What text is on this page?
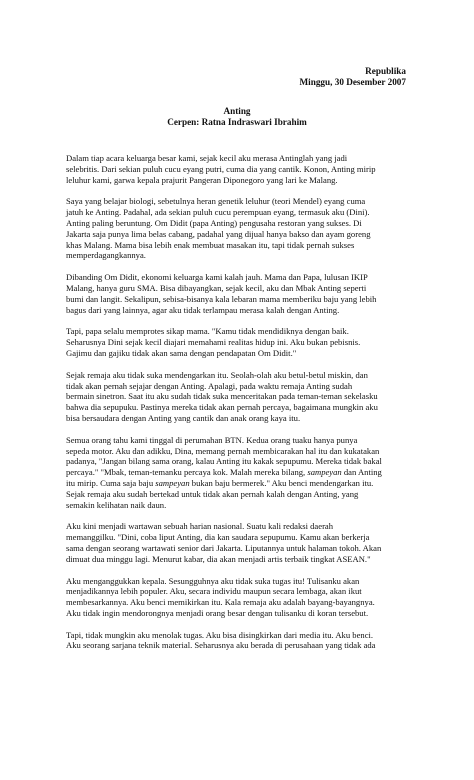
Republika
Minggu, 30 Desember 2007
Anting
Cerpen: Ratna Indraswari Ibrahim
Dalam tiap acara keluarga besar kami, sejak kecil aku merasa Antinglah yang jadi
selebritis. Dari sekian puluh cucu eyang putri, cuma dia yang cantik. Konon, Anting mirip
leluhur kami, garwa kepala prajurit Pangeran Diponegoro yang lari ke Malang.
Saya yang belajar biologi, sebetulnya heran genetik leluhur (teori Mendel) eyang cuma
jatuh ke Anting. Padahal, ada sekian puluh cucu perempuan eyang, termasuk aku (Dini).
Anting paling beruntung. Om Didit (papa Anting) pengusaha restoran yang sukses. Di
Jakarta saja punya lima belas cabang, padahal yang dijual hanya bakso dan ayam goreng
khas Malang. Mama bisa lebih enak membuat masakan itu, tapi tidak pernah sukses
memperdagangkannya.
Dibanding Om Didit, ekonomi keluarga kami kalah jauh. Mama dan Papa, lulusan IKIP
Malang, hanya guru SMA. Bisa dibayangkan, sejak kecil, aku dan Mbak Anting seperti
bumi dan langit. Sekalipun, sebisa-bisanya kala lebaran mama memberiku baju yang lebih
bagus dari yang lainnya, agar aku tidak terlampau merasa kalah dengan Anting.
Tapi, papa selalu memprotes sikap mama. "Kamu tidak mendidiknya dengan baik.
Seharusnya Dini sejak kecil diajari memahami realitas hidup ini. Aku bukan pebisnis.
Gajimu dan gajiku tidak akan sama dengan pendapatan Om Didit."
Sejak remaja aku tidak suka mendengarkan itu. Seolah-olah aku betul-betul miskin, dan
tidak akan pernah sejajar dengan Anting. Apalagi, pada waktu remaja Anting sudah
bermain sinetron. Saat itu aku sudah tidak suka menceritakan pada teman-teman sekelasku
bahwa dia sepupuku. Pastinya mereka tidak akan pernah percaya, bagaimana mungkin aku
bisa bersaudara dengan Anting yang cantik dan anak orang kaya itu.
Semua orang tahu kami tinggal di perumahan BTN. Kedua orang tuaku hanya punya
sepeda motor. Aku dan adikku, Dina, memang pernah membicarakan hal itu dan kukatakan
padanya, "Jangan bilang sama orang, kalau Anting itu kakak sepupumu. Mereka tidak bakal
percaya." "Mbak, teman-temanku percaya kok. Malah mereka bilang, sampeyan dan Anting
itu mirip. Cuma saja baju sampeyan bukan baju bermerek." Aku benci mendengarkan itu.
Sejak remaja aku sudah bertekad untuk tidak akan pernah kalah dengan Anting, yang
semakin kelihatan naik daun.
Aku kini menjadi wartawan sebuah harian nasional. Suatu kali redaksi daerah
memanggilku. "Dini, coba liput Anting, dia kan saudara sepupumu. Kamu akan berkerja
sama dengan seorang wartawati senior dari Jakarta. Liputannya untuk halaman tokoh. Akan
dimuat dua minggu lagi. Menurut kabar, dia akan menjadi artis terbaik tingkat ASEAN."
Aku menganggukkan kepala. Sesungguhnya aku tidak suka tugas itu! Tulisanku akan
menjadikannya lebih populer. Aku, secara individu maupun secara lembaga, akan ikut
membesarkannya. Aku benci memikirkan itu. Kala remaja aku adalah bayang-bayangnya.
Aku tidak ingin mendorongnya menjadi orang besar dengan tulisanku di koran tersebut.
Tapi, tidak mungkin aku menolak tugas. Aku bisa disingkirkan dari media itu. Aku benci.
Aku seorang sarjana teknik material. Seharusnya aku berada di perusahaan yang tidak ada
